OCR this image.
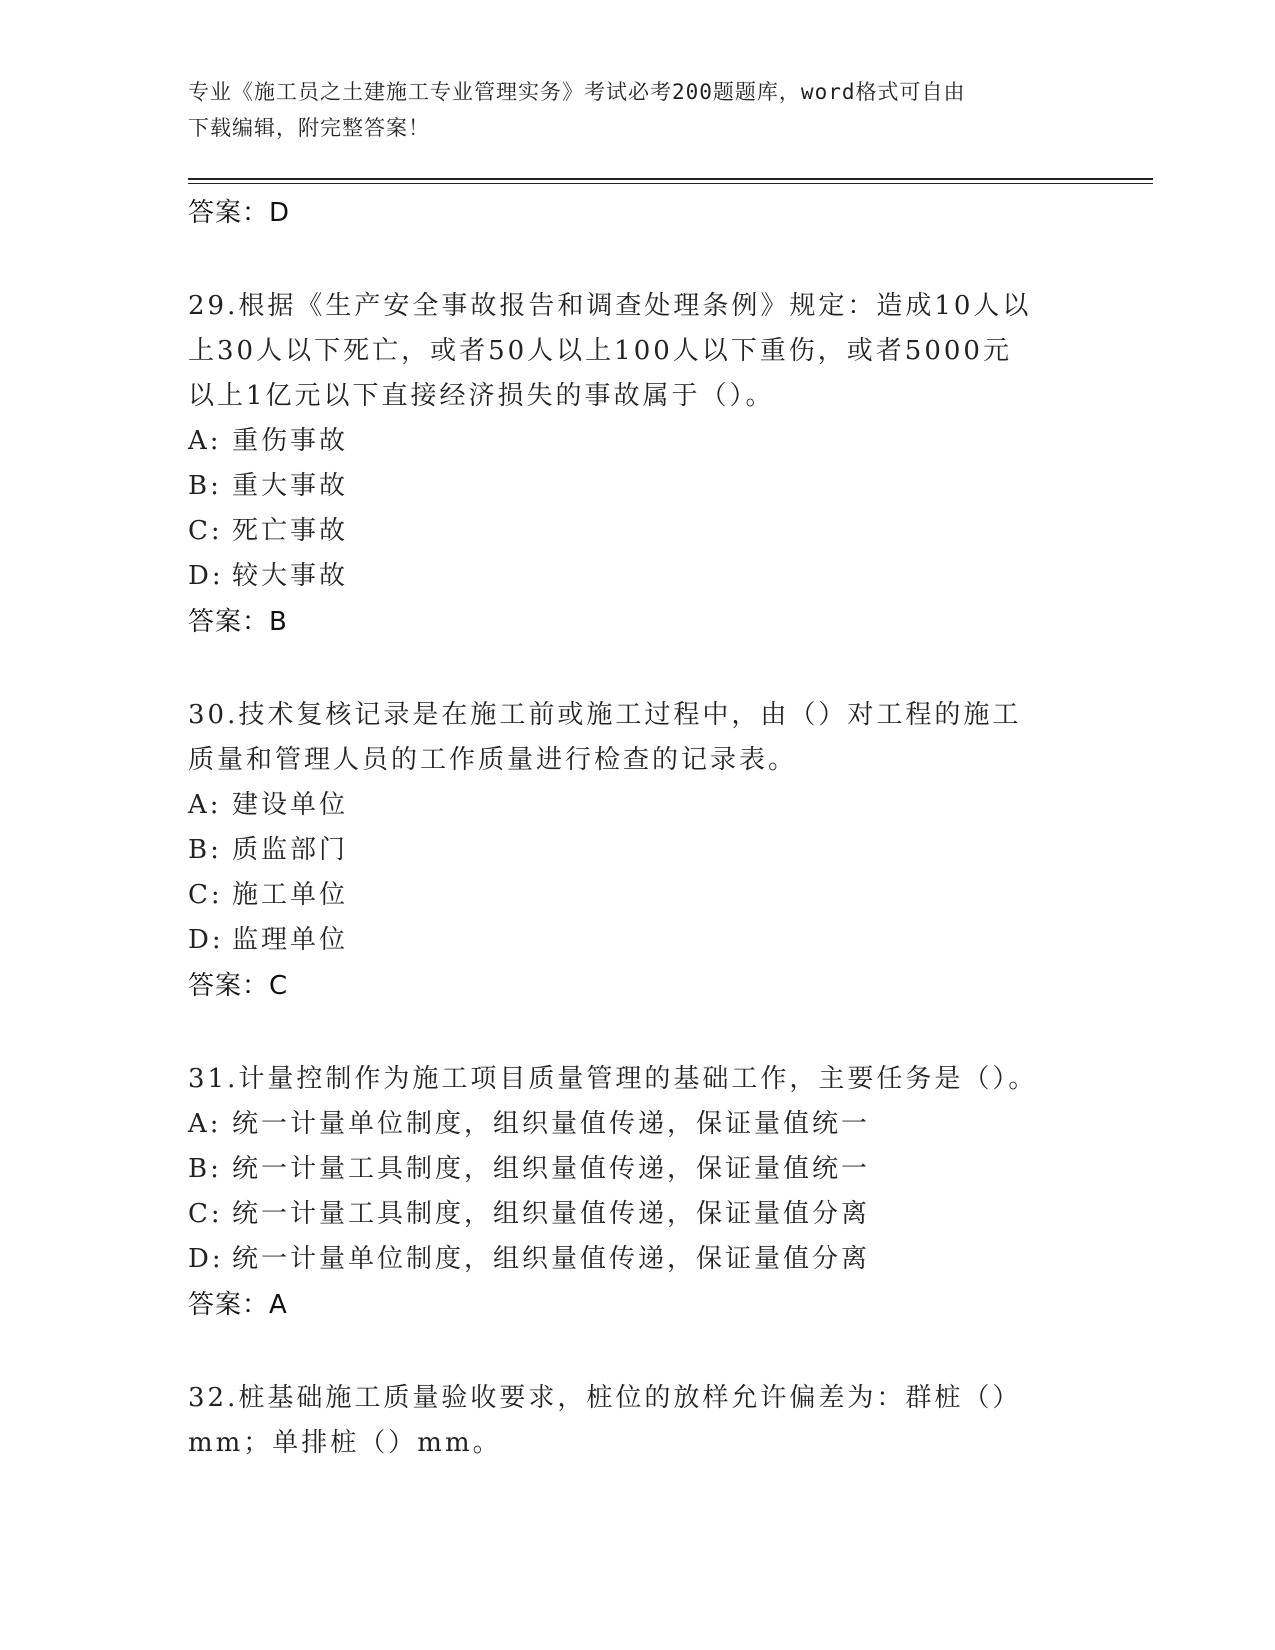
专业《施工员之土建施工专业管理实务》考试必考200题题库，word格式可自由
下载编辑，附完整答案！
答案：D
29.根据《生产安全事故报告和调查处理条例》规定：造成10人以上30人以下死亡，或者50人以上100人以下重伤，或者5000元以上1亿元以下直接经济损失的事故属于（）。
A: 重伤事故
B: 重大事故
C: 死亡事故
D: 较大事故
答案：B
30.技术复核记录是在施工前或施工过程中，由（）对工程的施工质量和管理人员的工作质量进行检查的记录表。
A: 建设单位
B: 质监部门
C: 施工单位
D: 监理单位
答案：C
31.计量控制作为施工项目质量管理的基础工作，主要任务是（）。
A: 统一计量单位制度，组织量值传递，保证量值统一
B: 统一计量工具制度，组织量值传递，保证量值统一
C: 统一计量工具制度，组织量值传递，保证量值分离
D: 统一计量单位制度，组织量值传递，保证量值分离
答案：A
32.桩基础施工质量验收要求，桩位的放样允许偏差为：群桩（）mm；单排桩（）mm。
